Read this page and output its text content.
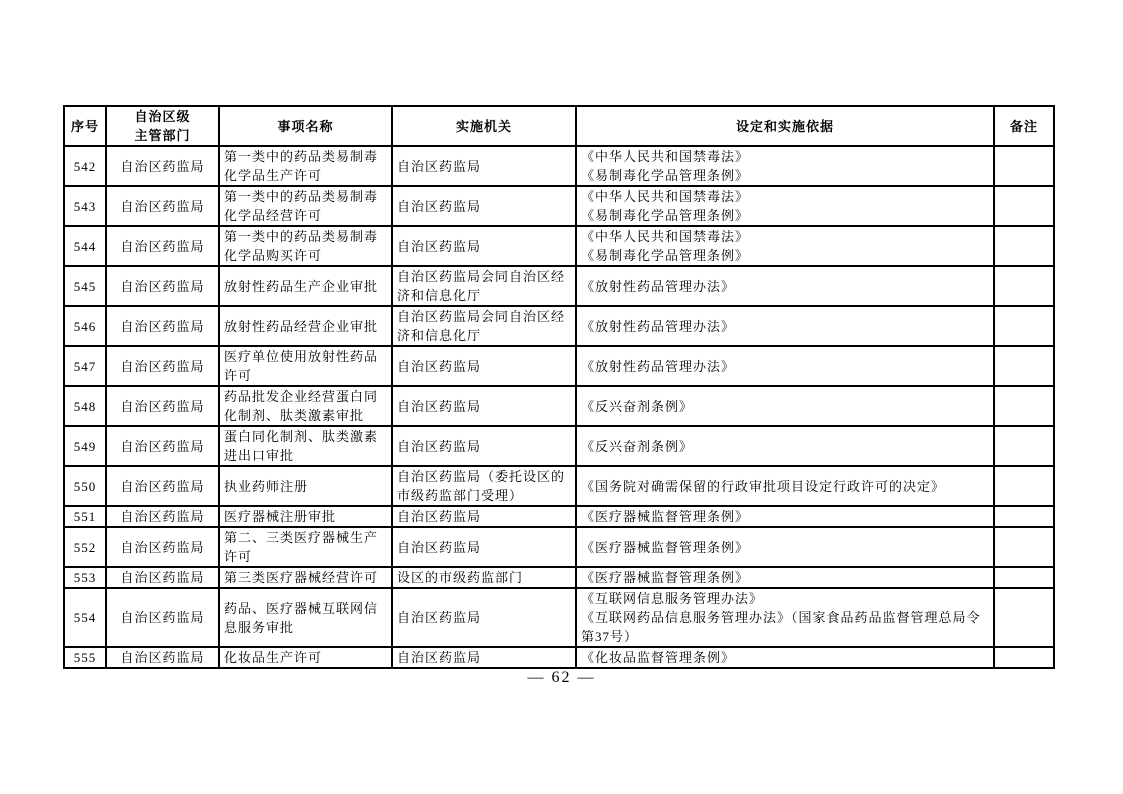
序号	自治区级
主管部门	事项名称	实施机关	设定和实施依据	备注
542	自治区药监局	第一类中的药品类易制毒化学品生产许可	自治区药监局	《中华人民共和国禁毒法》
《易制毒化学品管理条例》	

543	自治区药监局	第一类中的药品类易制毒化学品经营许可	自治区药监局	《中华人民共和国禁毒法》
《易制毒化学品管理条例》	

544	自治区药监局	第一类中的药品类易制毒化学品购买许可	自治区药监局	《中华人民共和国禁毒法》
《易制毒化学品管理条例》	

545	自治区药监局	放射性药品生产企业审批	自治区药监局会同自治区经济和信息化厅	《放射性药品管理办法》	

546	自治区药监局	放射性药品经营企业审批	自治区药监局会同自治区经济和信息化厅	《放射性药品管理办法》	

547	自治区药监局	医疗单位使用放射性药品许可	自治区药监局	《放射性药品管理办法》	

548	自治区药监局	药品批发企业经营蛋白同化制剂、肽类激素审批	自治区药监局	《反兴奋剂条例》	

549	自治区药监局	蛋白同化制剂、肽类激素进出口审批	自治区药监局	《反兴奋剂条例》	

550	自治区药监局	执业药师注册	自治区药监局（委托设区的市级药监部门受理）	《国务院对确需保留的行政审批项目设定行政许可的决定》	

551	自治区药监局	医疗器械注册审批	自治区药监局	《医疗器械监督管理条例》	

552	自治区药监局	第二、三类医疗器械生产许可	自治区药监局	《医疗器械监督管理条例》	

553	自治区药监局	第三类医疗器械经营许可	设区的市级药监部门	《医疗器械监督管理条例》	

554	自治区药监局	药品、医疗器械互联网信息服务审批	自治区药监局	《互联网信息服务管理办法》
《互联网药品信息服务管理办法》（国家食品药品监督管理总局令第37号）	

555	自治区药监局	化妆品生产许可	自治区药监局	《化妆品监督管理条例》	

— 62 —
